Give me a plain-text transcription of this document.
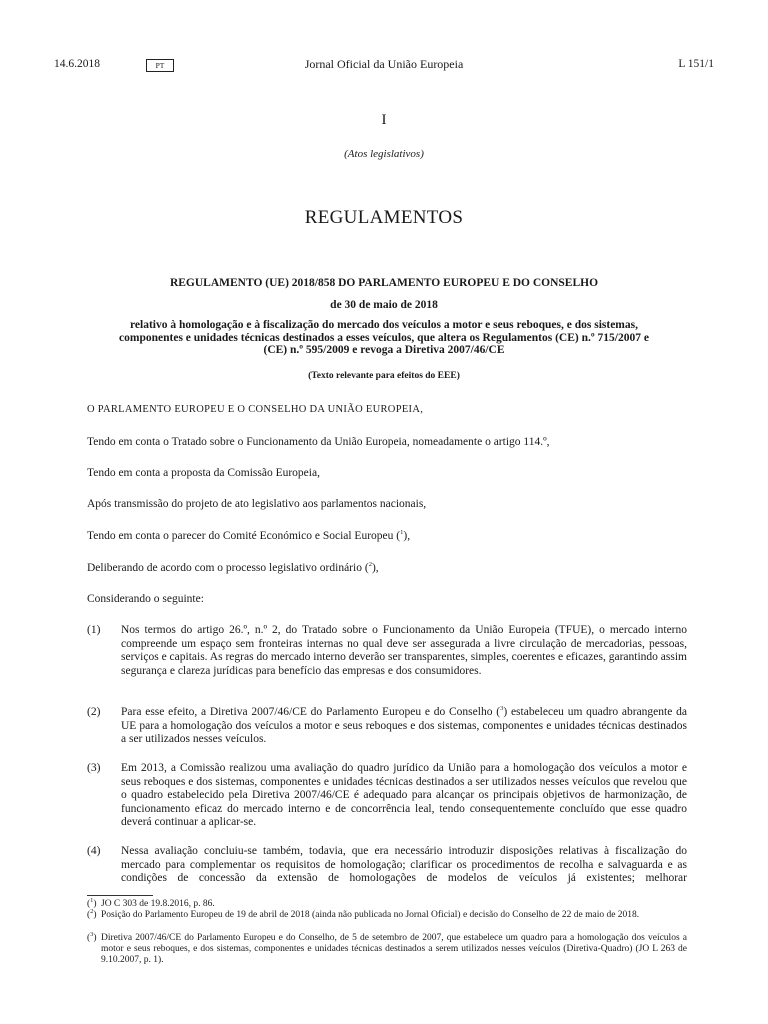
14.6.2018	PT	Jornal Oficial da União Europeia	L 151/1
I
(Atos legislativos)
REGULAMENTOS
REGULAMENTO (UE) 2018/858 DO PARLAMENTO EUROPEU E DO CONSELHO
de 30 de maio de 2018
relativo à homologação e à fiscalização do mercado dos veículos a motor e seus reboques, e dos sistemas, componentes e unidades técnicas destinados a esses veículos, que altera os Regulamentos (CE) n.º 715/2007 e (CE) n.º 595/2009 e revoga a Diretiva 2007/46/CE
(Texto relevante para efeitos do EEE)
O PARLAMENTO EUROPEU E O CONSELHO DA UNIÃO EUROPEIA,
Tendo em conta o Tratado sobre o Funcionamento da União Europeia, nomeadamente o artigo 114.º,
Tendo em conta a proposta da Comissão Europeia,
Após transmissão do projeto de ato legislativo aos parlamentos nacionais,
Tendo em conta o parecer do Comité Económico e Social Europeu ($^1$),
Deliberando de acordo com o processo legislativo ordinário ($^2$),
Considerando o seguinte:
(1) Nos termos do artigo 26.º, n.º 2, do Tratado sobre o Funcionamento da União Europeia (TFUE), o mercado interno compreende um espaço sem fronteiras internas no qual deve ser assegurada a livre circulação de mercadorias, pessoas, serviços e capitais. As regras do mercado interno deverão ser transparentes, simples, coerentes e eficazes, garantindo assim segurança e clareza jurídicas para benefício das empresas e dos consumidores.
(2) Para esse efeito, a Diretiva 2007/46/CE do Parlamento Europeu e do Conselho ($^3$) estabeleceu um quadro abrangente da UE para a homologação dos veículos a motor e seus reboques e dos sistemas, componentes e unidades técnicas destinados a ser utilizados nesses veículos.
(3) Em 2013, a Comissão realizou uma avaliação do quadro jurídico da União para a homologação dos veículos a motor e seus reboques e dos sistemas, componentes e unidades técnicas destinados a ser utilizados nesses veículos que revelou que o quadro estabelecido pela Diretiva 2007/46/CE é adequado para alcançar os principais objetivos de harmonização, de funcionamento eficaz do mercado interno e de concorrência leal, tendo consequentemente concluído que esse quadro deverá continuar a aplicar-se.
(4) Nessa avaliação concluiu-se também, todavia, que era necessário introduzir disposições relativas à fiscalização do mercado para complementar os requisitos de homologação; clarificar os procedimentos de recolha e salvaguarda e as condições de concessão da extensão de homologações de modelos de veículos já existentes; melhorar
($^1$) JO C 303 de 19.8.2016, p. 86.
($^2$) Posição do Parlamento Europeu de 19 de abril de 2018 (ainda não publicada no Jornal Oficial) e decisão do Conselho de 22 de maio de 2018.
($^3$) Diretiva 2007/46/CE do Parlamento Europeu e do Conselho, de 5 de setembro de 2007, que estabelece um quadro para a homologação dos veículos a motor e seus reboques, e dos sistemas, componentes e unidades técnicas destinados a serem utilizados nesses veículos (Diretiva-Quadro) (JO L 263 de 9.10.2007, p. 1).
